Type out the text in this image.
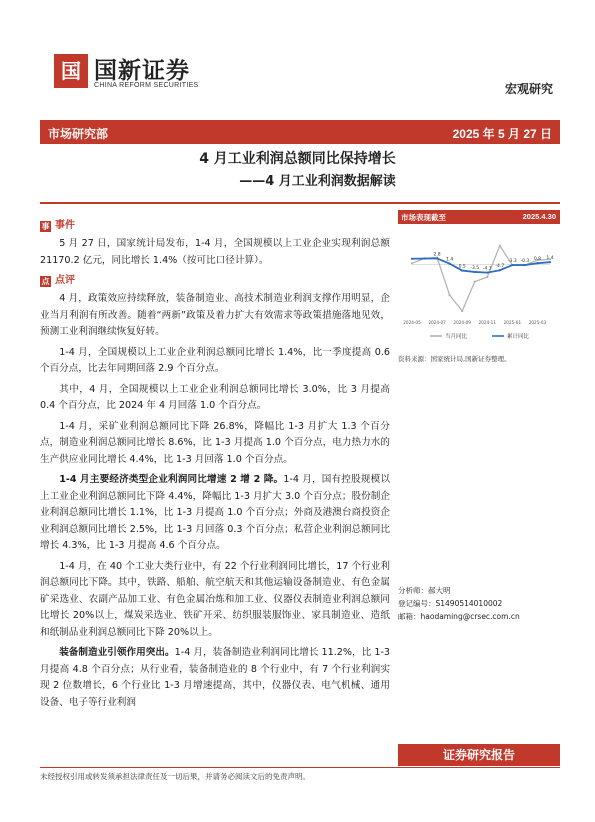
国 国新证券
CHINA REFORM SECURITIES	宏观研究
市场研究部	2025 年 5 月 27 日
4 月工业利润总额同比保持增长
——4 月工业利润数据解读
事 事件

5 月 27 日，国家统计局发布，1-4 月，全国规模以上工业企业实现利润总额 21170.2 亿元，同比增长 1.4%（按可比口径计算）。

点 点评

4 月，政策效应持续释放，装备制造业、高技术制造业利润支撑作用明显，企业当月利润有所改善。随着“两新”政策及着力扩大有效需求等政策措施落地见效，预测工业利润继续恢复好转。

1-4 月，全国规模以上工业企业利润总额同比增长 1.4%，比一季度提高 0.6 个百分点，比去年同期回落 2.9 个百分点。

其中，4 月，全国规模以上工业企业利润总额同比增长 3.0%，比 3 月提高 0.4 个百分点，比 2024 年 4 月回落 1.0 个百分点。

1-4 月，采矿业利润总额同比下降 26.8%，降幅比 1-3 月扩大 1.3 个百分点，制造业利润总额同比增长 8.6%，比 1-3 月提高 1.0 个百分点，电力热力水的生产供应业同比增长 4.4%，比 1-3 月回落 1.0 个百分点。

1-4 月主要经济类型企业利润同比增速 2 增 2 降。1-4 月，国有控股规模以上工业企业利润总额同比下降 4.4%，降幅比 1-3 月扩大 3.0 个百分点；股份制企业利润总额同比增长 1.1%，比 1-3 月提高 1.0 个百分点；外商及港澳台商投资企业利润总额同比增长 2.5%，比 1-3 月回落 0.3 个百分点；私营企业利润总额同比增长 4.3%，比 1-3 月提高 4.6 个百分点。

1-4 月，在 40 个工业大类行业中，有 22 个行业利润同比增长，17 个行业利润总额同比下降。其中，铁路、船舶、航空航天和其他运输设备制造业、有色金属矿采选业、农副产品加工业、有色金属冶炼和加工业、仪器仪表制造业利润总额同比增长 20%以上，煤炭采选业、铁矿开采、纺织服装服饰业、家具制造业、造纸和纸制品业利润总额同比下降 20%以上。

装备制造业引领作用突出。1-4 月，装备制造业利润同比增长 11.2%，比 1-3 月提高 4.8 个百分点；从行业看，装备制造业的 8 个行业中，有 7 个行业利润实现 2 位数增长，6 个行业比 1-3 月增速提高，其中，仪器仪表、电气机械、通用设备、电子等行业利润

市场表现截至	2025.4.30
2.8
1.4
0.5 -3.5 -4.3 -4.7
-3.3 -0.3 0.8 1.4
2024-05 2024-07 2024-09 2024-11 2025-01 2025-03
当月同比	累计同比
资料来源：国家统计局,国新证券整理。
分析师：郝大明
登记编号：S1490514010002
邮箱：haodaming@crsec.com.cn
证券研究报告
未经授权引用或转发须承担法律责任及一切后果，并请务必阅读文后的免责声明。
